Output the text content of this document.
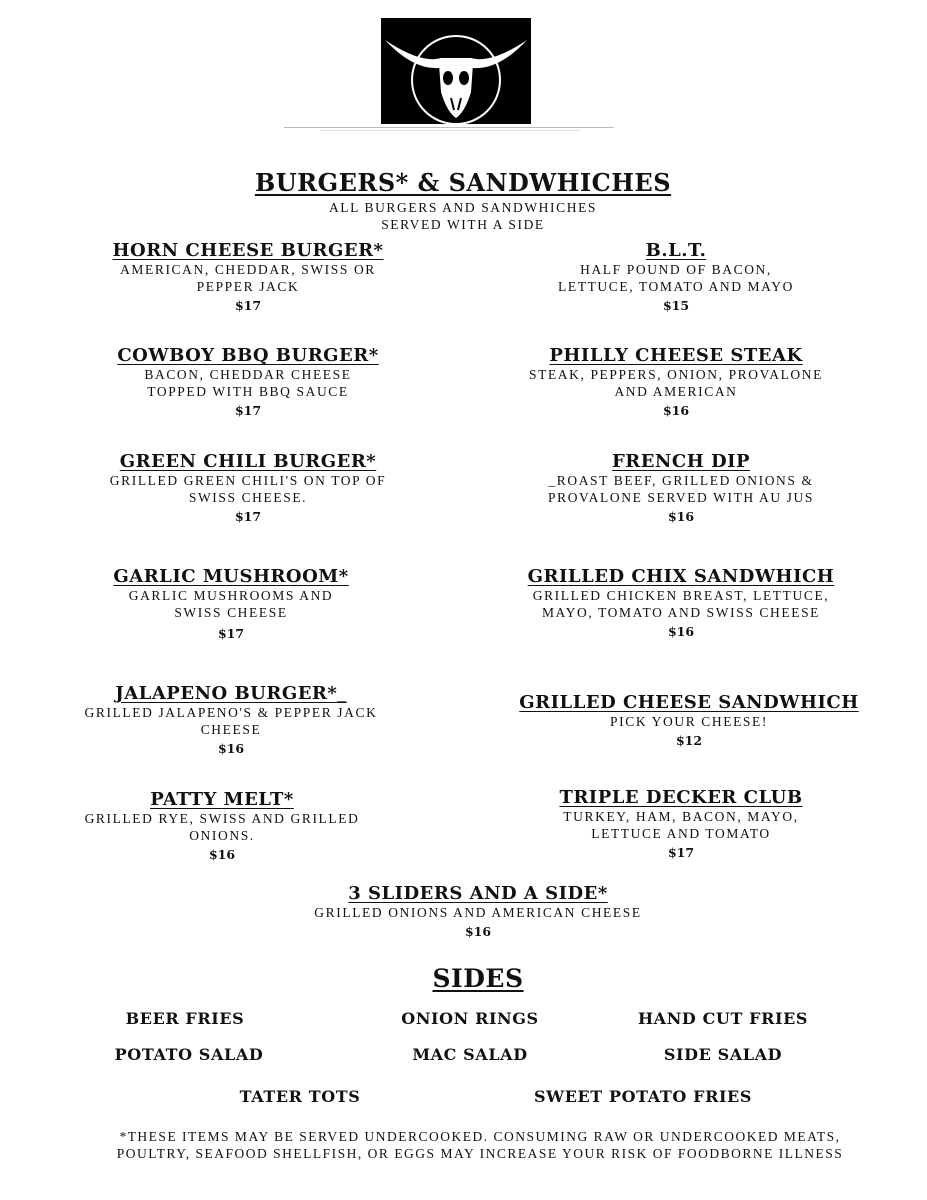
BURGERS* & SANDWHICHES
ALL BURGERS AND SANDWHICHES
SERVED WITH A SIDE
HORN CHEESE BURGER*
AMERICAN, CHEDDAR, SWISS OR
PEPPER JACK
$17
COWBOY BBQ BURGER*
BACON, CHEDDAR CHEESE
TOPPED WITH BBQ SAUCE
$17
GREEN CHILI BURGER*
GRILLED GREEN CHILI'S ON TOP OF
SWISS CHEESE.
$17
GARLIC MUSHROOM*
GARLIC MUSHROOMS AND
SWISS CHEESE
$17
JALAPENO BURGER*_
GRILLED JALAPENO'S & PEPPER JACK
CHEESE
$16
PATTY MELT*
GRILLED RYE, SWISS AND GRILLED
ONIONS.
$16
B.L.T.
HALF POUND OF BACON,
LETTUCE, TOMATO AND MAYO
$15
PHILLY CHEESE STEAK
STEAK, PEPPERS, ONION, PROVALONE
AND AMERICAN
$16
FRENCH DIP
_ROAST BEEF, GRILLED ONIONS &
PROVALONE SERVED WITH AU JUS
$16
GRILLED CHIX SANDWHICH
GRILLED CHICKEN BREAST, LETTUCE,
MAYO, TOMATO AND SWISS CHEESE
$16
GRILLED CHEESE SANDWHICH
PICK YOUR CHEESE!
$12
TRIPLE DECKER CLUB
TURKEY, HAM, BACON, MAYO,
LETTUCE AND TOMATO
$17
3 SLIDERS AND A SIDE*
GRILLED ONIONS AND AMERICAN CHEESE
$16
SIDES
BEER FRIES	ONION RINGS	HAND CUT FRIES
POTATO SALAD	MAC SALAD	SIDE SALAD
TATER TOTS	SWEET POTATO FRIES
*THESE ITEMS MAY BE SERVED UNDERCOOKED. CONSUMING RAW OR UNDERCOOKED MEATS,
POULTRY, SEAFOOD SHELLFISH, OR EGGS MAY INCREASE YOUR RISK OF FOODBORNE ILLNESS
